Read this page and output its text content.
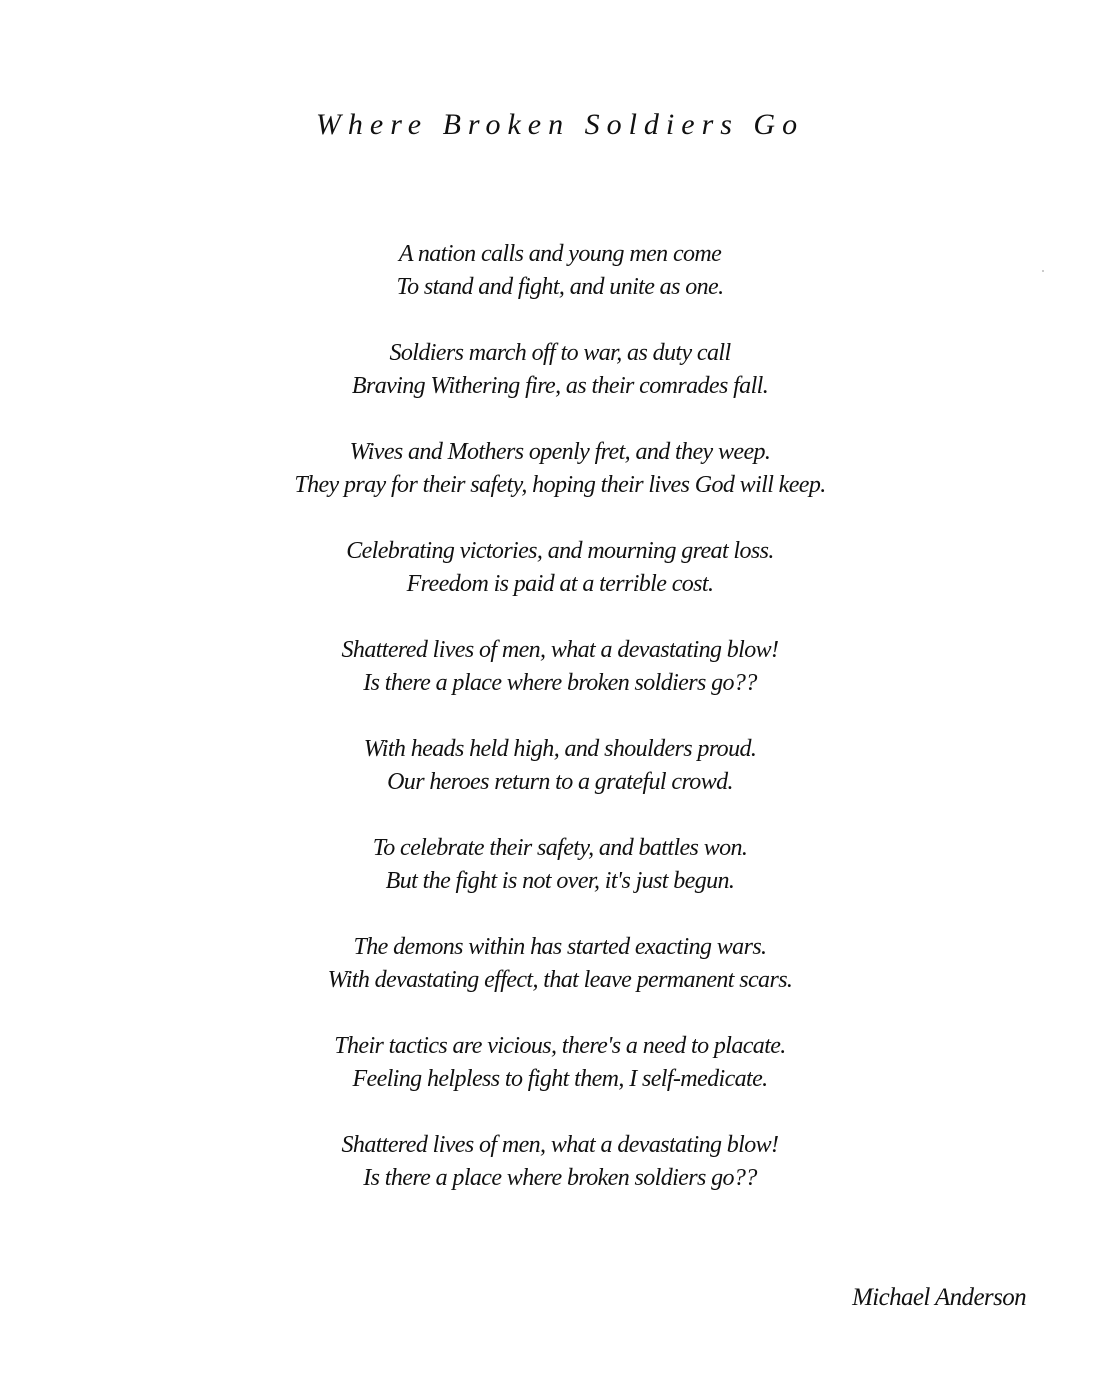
Where Broken Soldiers Go
A nation calls and young men come
To stand and fight, and unite as one.
Soldiers march off to war, as duty call
Braving Withering fire, as their comrades fall.
Wives and Mothers openly fret, and they weep.
They pray for their safety, hoping their lives God will keep.
Celebrating victories, and mourning great loss.
Freedom is paid at a terrible cost.
Shattered lives of men, what a devastating blow!
Is there a place where broken soldiers go??
With heads held high, and shoulders proud.
Our heroes return to a grateful crowd.
To celebrate their safety, and battles won.
But the fight is not over, it's just begun.
The demons within has started exacting wars.
With devastating effect, that leave permanent scars.
Their tactics are vicious, there's a need to placate.
Feeling helpless to fight them, I self-medicate.
Shattered lives of men, what a devastating blow!
Is there a place where broken soldiers go??

Michael Anderson
